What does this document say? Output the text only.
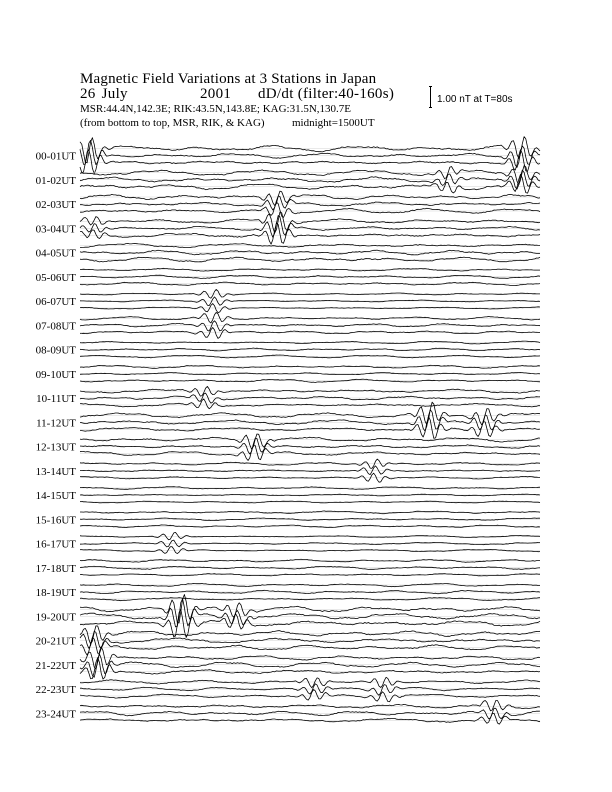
00-01UT
01-02UT
02-03UT
03-04UT
04-05UT
05-06UT
06-07UT
07-08UT
08-09UT
09-10UT
10-11UT
11-12UT
12-13UT
13-14UT
14-15UT
15-16UT
16-17UT
17-18UT
18-19UT
19-20UT
20-21UT
21-22UT
22-23UT
23-24UT
Magnetic Field Variations at 3 Stations in Japan
26 July	2001 dD/dt (filter:40-160s)
MSR:44.4N,142.3E; RIK:43.5N,143.8E; KAG:31.5N,130.7E
(from bottom to top, MSR, RIK, & KAG) midnight=1500UT
1.00 nT at T=80s
